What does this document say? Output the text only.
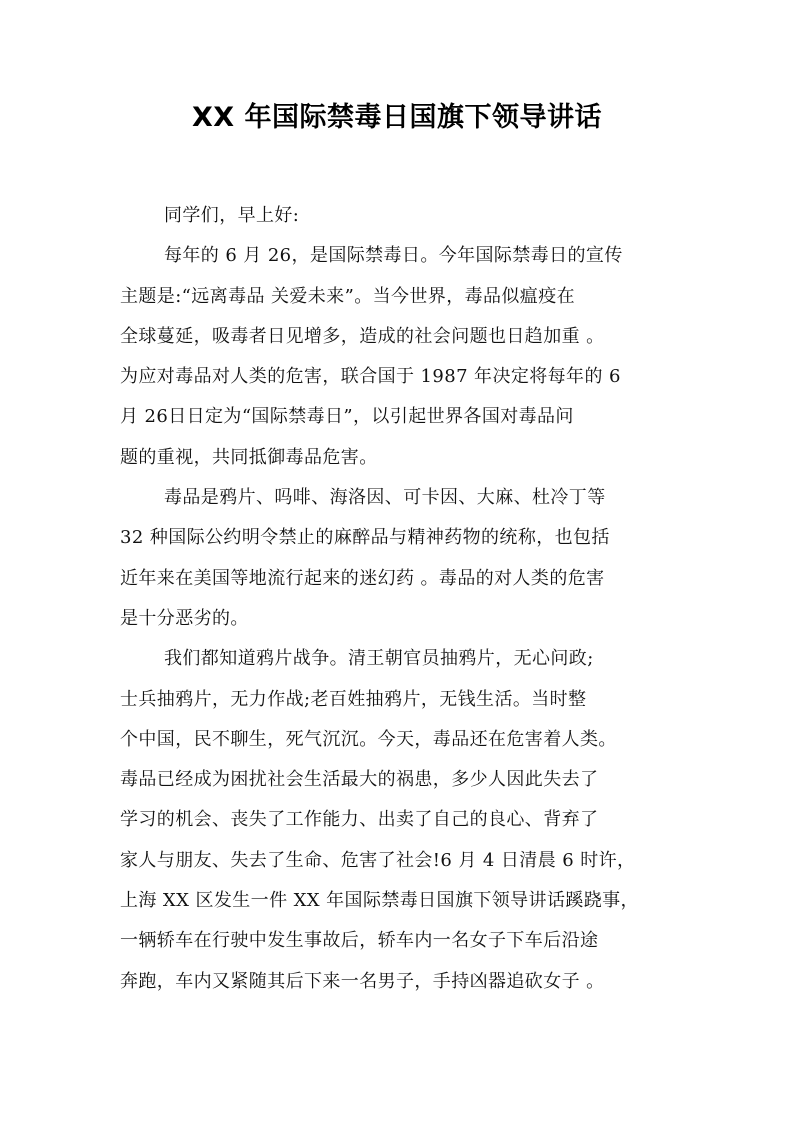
XX 年国际禁毒日国旗下领导讲话

同学们，早上好:

每年的 6 月 26，是国际禁毒日。今年国际禁毒日的宣传
主题是:“远离毒品 关爱未来”。当今世界，毒品似瘟疫在
全球蔓延，吸毒者日见增多，造成的社会问题也日趋加重 。
为应对毒品对人类的危害，联合国于 1987 年决定将每年的 6
月 26日日定为“国际禁毒日”，以引起世界各国对毒品问
题的重视，共同抵御毒品危害。

毒品是鸦片、吗啡、海洛因、可卡因、大麻、杜冷丁等
32 种国际公约明令禁止的麻醉品与精神药物的统称，也包括
近年来在美国等地流行起来的迷幻药 。毒品的对人类的危害
是十分恶劣的。

我们都知道鸦片战争。清王朝官员抽鸦片，无心问政;
士兵抽鸦片，无力作战;老百姓抽鸦片，无钱生活。当时整
个中国，民不聊生，死气沉沉。今天，毒品还在危害着人类。
毒品已经成为困扰社会生活最大的祸患，多少人因此失去了
学习的机会、丧失了工作能力、出卖了自己的良心、背弃了
家人与朋友、失去了生命、危害了社会!6 月 4 日清晨 6 时许，
上海 XX 区发生一件 XX 年国际禁毒日国旗下领导讲话蹊跷事，
一辆轿车在行驶中发生事故后，轿车内一名女子下车后沿途
奔跑，车内又紧随其后下来一名男子，手持凶器追砍女子 。
